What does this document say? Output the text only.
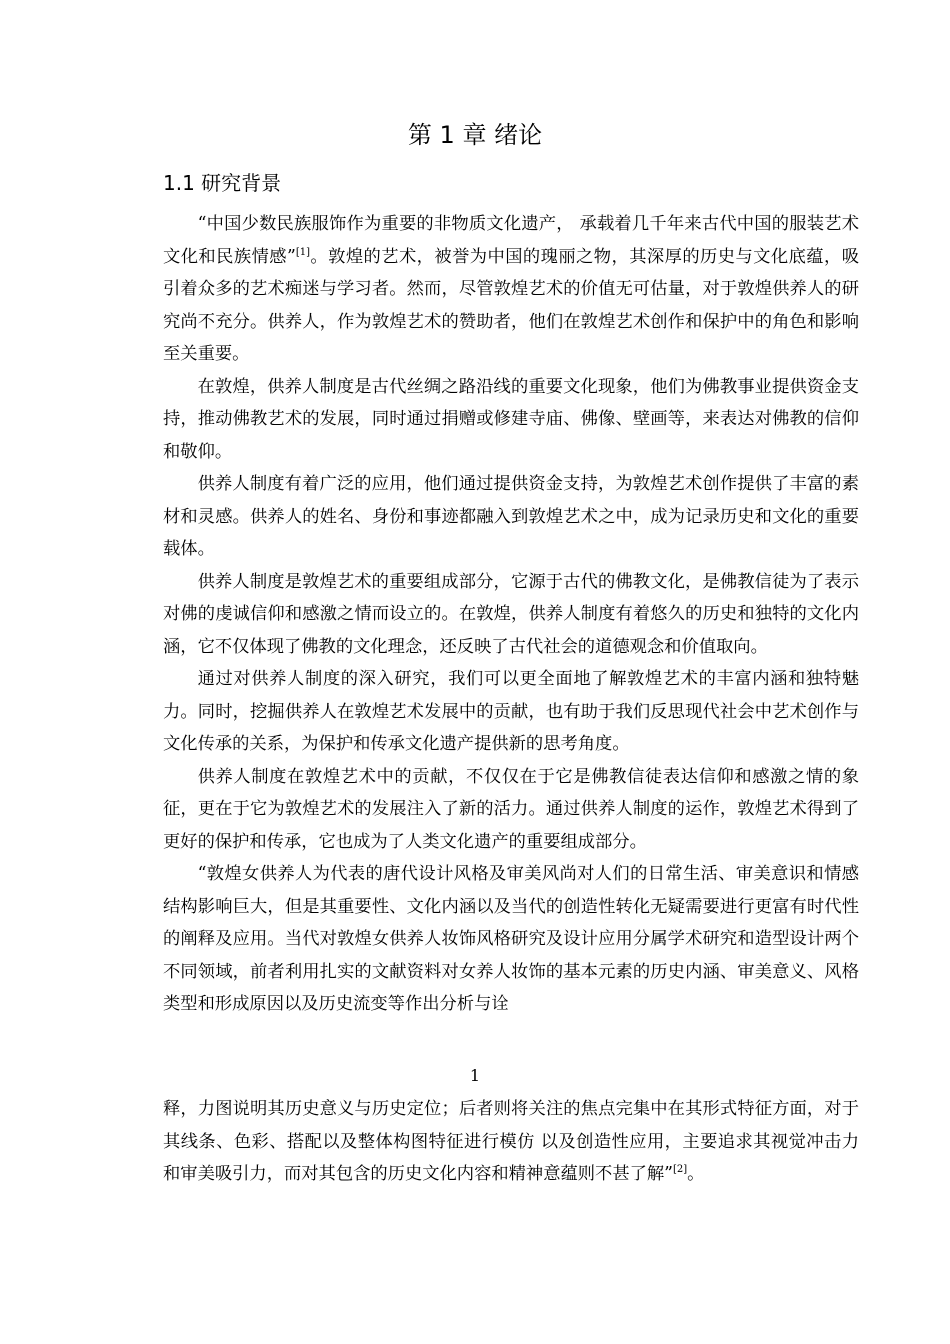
第 1 章 绪论
1.1 研究背景

“中国少数民族服饰作为重要的非物质文化遗产， 承载着几千年来古代中国的服装艺术文化和民族情感”[1]。敦煌的艺术，被誉为中国的瑰丽之物，其深厚的历史与文化底蕴，吸引着众多的艺术痴迷与学习者。然而，尽管敦煌艺术的价值无可估量，对于敦煌供养人的研究尚不充分。供养人，作为敦煌艺术的赞助者，他们在敦煌艺术创作和保护中的角色和影响至关重要。

在敦煌，供养人制度是古代丝绸之路沿线的重要文化现象，他们为佛教事业提供资金支持，推动佛教艺术的发展，同时通过捐赠或修建寺庙、佛像、壁画等，来表达对佛教的信仰和敬仰。

供养人制度有着广泛的应用，他们通过提供资金支持，为敦煌艺术创作提供了丰富的素材和灵感。供养人的姓名、身份和事迹都融入到敦煌艺术之中，成为记录历史和文化的重要载体。

供养人制度是敦煌艺术的重要组成部分，它源于古代的佛教文化，是佛教信徒为了表示对佛的虔诚信仰和感激之情而设立的。在敦煌，供养人制度有着悠久的历史和独特的文化内涵，它不仅体现了佛教的文化理念，还反映了古代社会的道德观念和价值取向。

通过对供养人制度的深入研究，我们可以更全面地了解敦煌艺术的丰富内涵和独特魅力。同时，挖掘供养人在敦煌艺术发展中的贡献，也有助于我们反思现代社会中艺术创作与文化传承的关系，为保护和传承文化遗产提供新的思考角度。

供养人制度在敦煌艺术中的贡献，不仅仅在于它是佛教信徒表达信仰和感激之情的象征，更在于它为敦煌艺术的发展注入了新的活力。通过供养人制度的运作，敦煌艺术得到了更好的保护和传承，它也成为了人类文化遗产的重要组成部分。

“敦煌女供养人为代表的唐代设计风格及审美风尚对人们的日常生活、审美意识和情感结构影响巨大，但是其重要性、文化内涵以及当代的创造性转化无疑需要进行更富有时代性的阐释及应用。当代对敦煌女供养人妆饰风格研究及设计应用分属学术研究和造型设计两个不同领域，前者利用扎实的文献资料对女养人妆饰的基本元素的历史内涵、审美意义、风格类型和形成原因以及历史流变等作出分析与诠

1

释，力图说明其历史意义与历史定位；后者则将关注的焦点完集中在其形式特征方面，对于其线条、色彩、搭配以及整体构图特征进行模仿 以及创造性应用，主要追求其视觉冲击力和审美吸引力，而对其包含的历史文化内容和精神意蕴则不甚了解”[2]。
